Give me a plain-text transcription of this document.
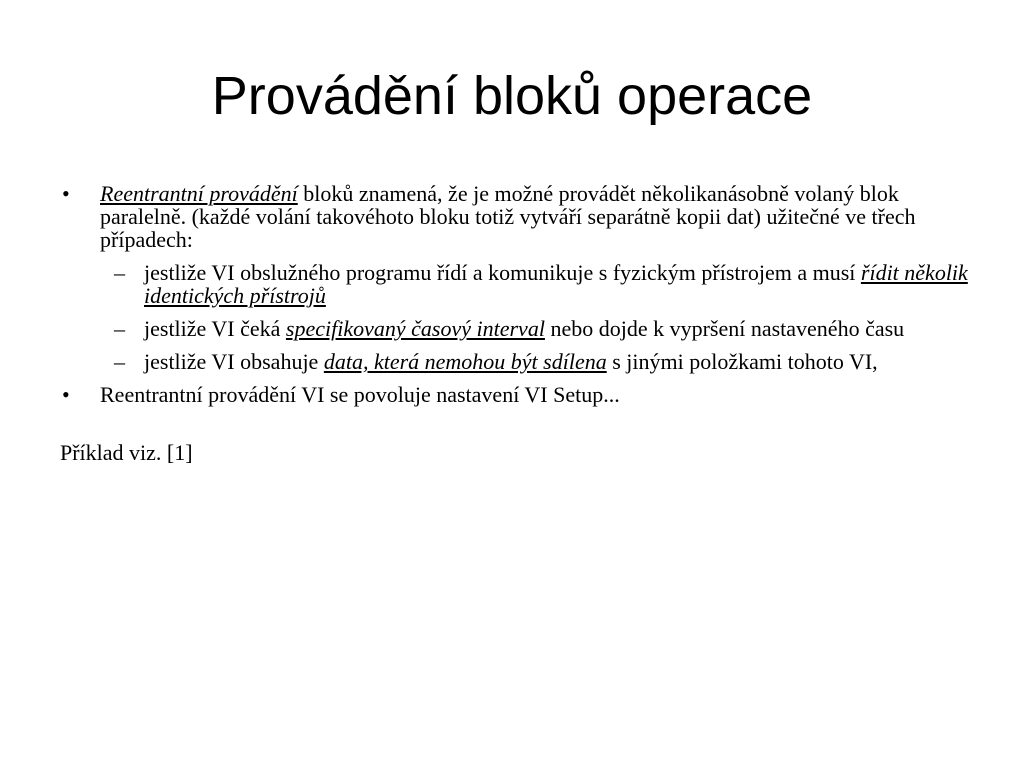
Provádění bloků operace
• Reentrantní provádění bloků znamená, že je možné provádět několikanásobně volaný blok paralelně. (každé volání takovéhoto bloku totiž vytváří separátně kopii dat) užitečné ve třech případech:
– jestliže VI obslužného programu řídí a komunikuje s fyzickým přístrojem a musí řídit několik identických přístrojů
– jestliže VI čeká specifikovaný časový interval nebo dojde k vypršení nastaveného času
– jestliže VI obsahuje data, která nemohou být sdílena s jinými položkami tohoto VI,
• Reentrantní provádění VI se povoluje nastavení VI Setup...
Příklad viz. [1]
